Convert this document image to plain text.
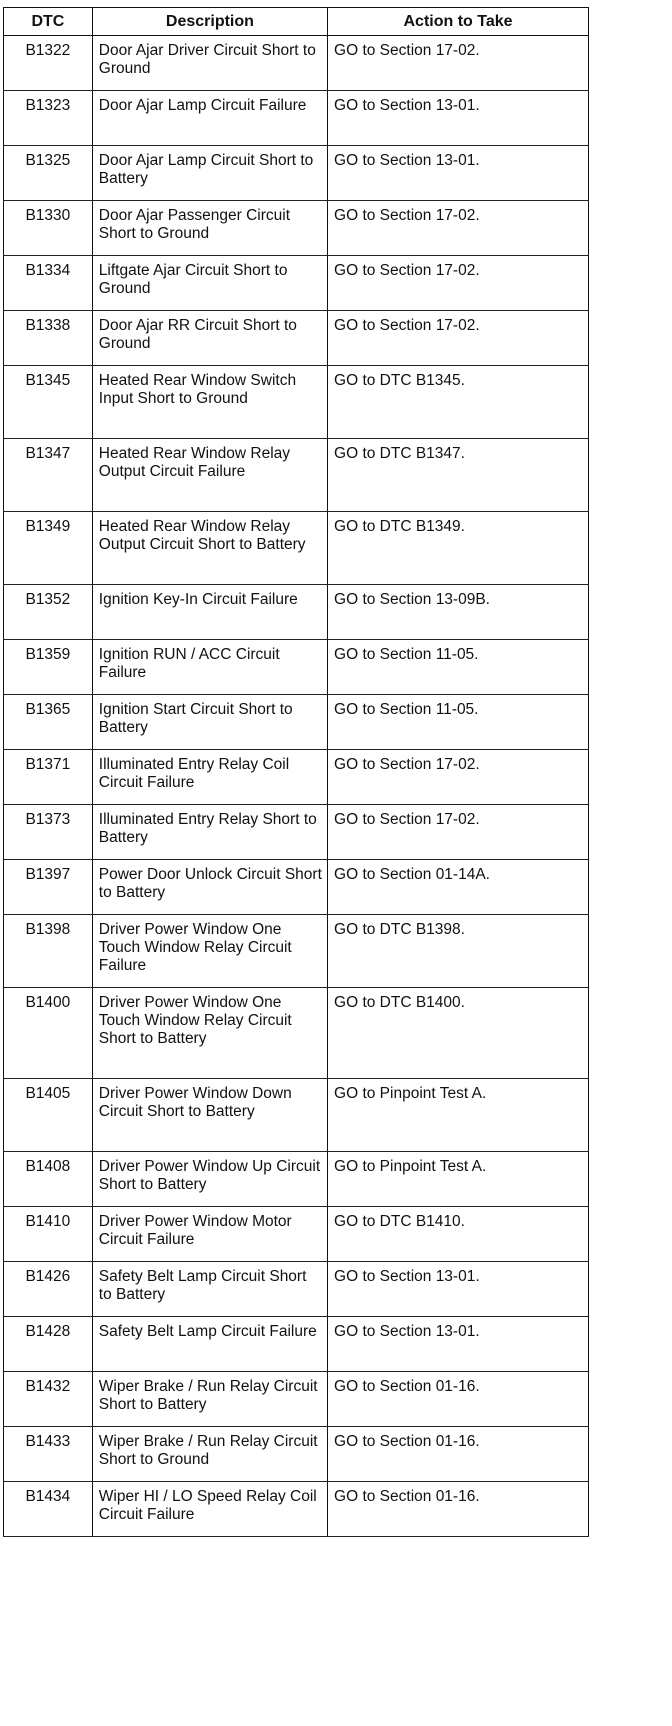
DTC	Description	Action to Take
B1322	Door Ajar Driver Circuit Short to Ground	GO to Section 17-02.
B1323	Door Ajar Lamp Circuit Failure	GO to Section 13-01.
B1325	Door Ajar Lamp Circuit Short to Battery	GO to Section 13-01.
B1330	Door Ajar Passenger Circuit Short to Ground	GO to Section 17-02.
B1334	Liftgate Ajar Circuit Short to Ground	GO to Section 17-02.
B1338	Door Ajar RR Circuit Short to Ground	GO to Section 17-02.
B1345	Heated Rear Window Switch Input Short to Ground	GO to DTC B1345.
B1347	Heated Rear Window Relay Output Circuit Failure	GO to DTC B1347.
B1349	Heated Rear Window Relay Output Circuit Short to Battery	GO to DTC B1349.
B1352	Ignition Key-In Circuit Failure	GO to Section 13-09B.
B1359	Ignition RUN / ACC Circuit Failure	GO to Section 11-05.
B1365	Ignition Start Circuit Short to Battery	GO to Section 11-05.
B1371	Illuminated Entry Relay Coil Circuit Failure	GO to Section 17-02.
B1373	Illuminated Entry Relay Short to Battery	GO to Section 17-02.
B1397	Power Door Unlock Circuit Short to Battery	GO to Section 01-14A.
B1398	Driver Power Window One Touch Window Relay Circuit Failure	GO to DTC B1398.
B1400	Driver Power Window One Touch Window Relay Circuit Short to Battery	GO to DTC B1400.
B1405	Driver Power Window Down Circuit Short to Battery	GO to Pinpoint Test A.
B1408	Driver Power Window Up Circuit Short to Battery	GO to Pinpoint Test A.
B1410	Driver Power Window Motor Circuit Failure	GO to DTC B1410.
B1426	Safety Belt Lamp Circuit Short to Battery	GO to Section 13-01.
B1428	Safety Belt Lamp Circuit Failure	GO to Section 13-01.
B1432	Wiper Brake / Run Relay Circuit Short to Battery	GO to Section 01-16.
B1433	Wiper Brake / Run Relay Circuit Short to Ground	GO to Section 01-16.
B1434	Wiper HI / LO Speed Relay Coil Circuit Failure	GO to Section 01-16.
